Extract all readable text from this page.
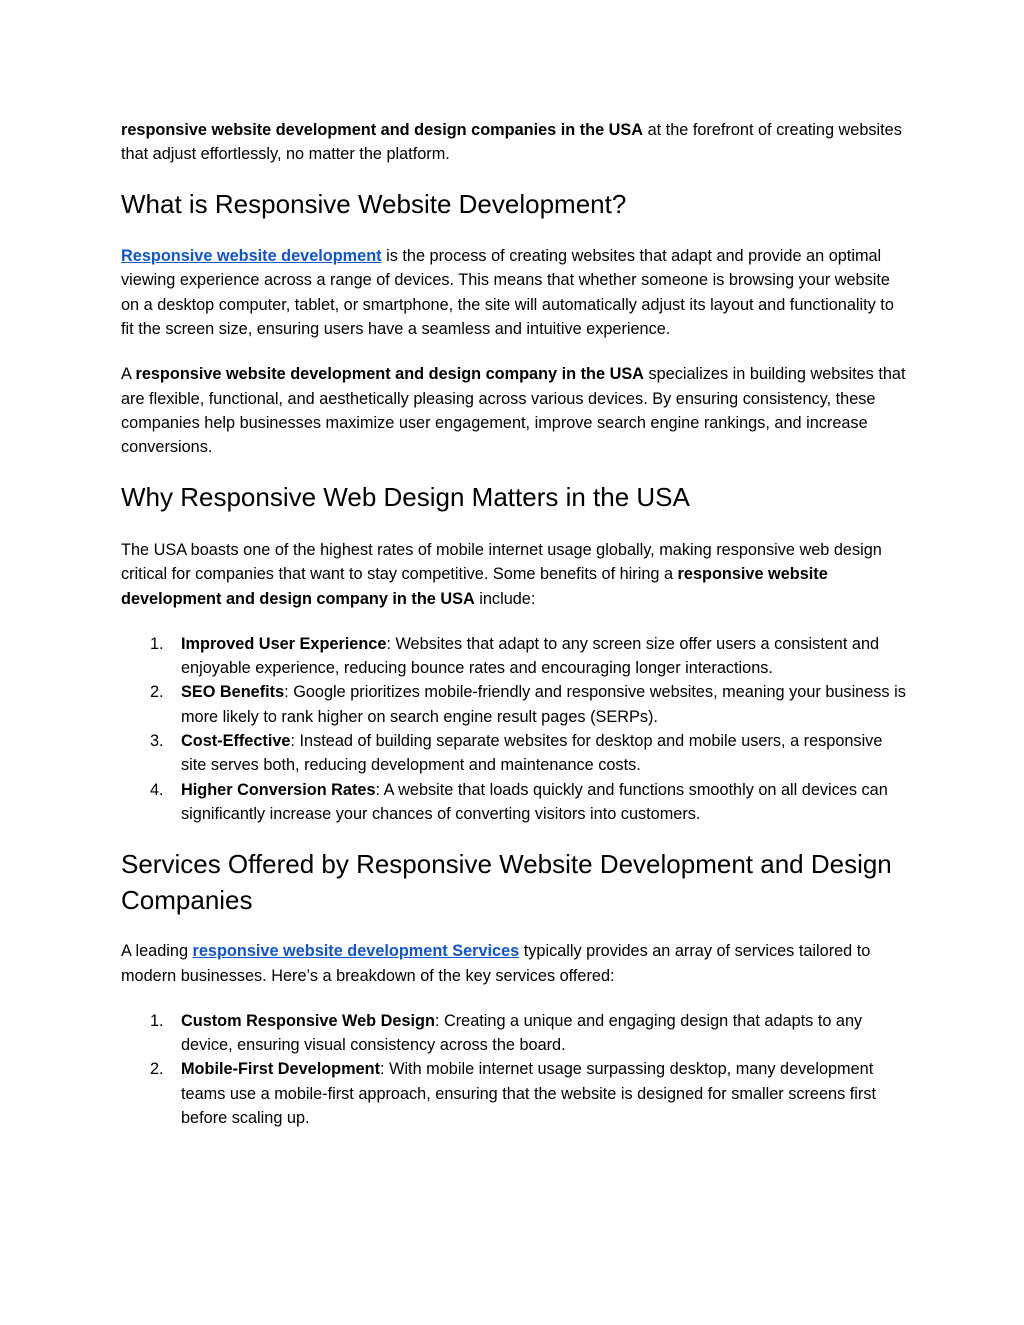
responsive website development and design companies in the USA at the forefront of creating websites that adjust effortlessly, no matter the platform.

What is Responsive Website Development?

Responsive website development is the process of creating websites that adapt and provide an optimal viewing experience across a range of devices. This means that whether someone is browsing your website on a desktop computer, tablet, or smartphone, the site will automatically adjust its layout and functionality to fit the screen size, ensuring users have a seamless and intuitive experience.

A responsive website development and design company in the USA specializes in building websites that are flexible, functional, and aesthetically pleasing across various devices. By ensuring consistency, these companies help businesses maximize user engagement, improve search engine rankings, and increase conversions.

Why Responsive Web Design Matters in the USA

The USA boasts one of the highest rates of mobile internet usage globally, making responsive web design critical for companies that want to stay competitive. Some benefits of hiring a responsive website development and design company in the USA include:

1. Improved User Experience: Websites that adapt to any screen size offer users a consistent and enjoyable experience, reducing bounce rates and encouraging longer interactions.
2. SEO Benefits: Google prioritizes mobile-friendly and responsive websites, meaning your business is more likely to rank higher on search engine result pages (SERPs).
3. Cost-Effective: Instead of building separate websites for desktop and mobile users, a responsive site serves both, reducing development and maintenance costs.
4. Higher Conversion Rates: A website that loads quickly and functions smoothly on all devices can significantly increase your chances of converting visitors into customers.
Services Offered by Responsive Website Development and Design Companies

A leading responsive website development Services typically provides an array of services tailored to modern businesses. Here’s a breakdown of the key services offered:

1. Custom Responsive Web Design: Creating a unique and engaging design that adapts to any device, ensuring visual consistency across the board.
2. Mobile-First Development: With mobile internet usage surpassing desktop, many development teams use a mobile-first approach, ensuring that the website is designed for smaller screens first before scaling up.
